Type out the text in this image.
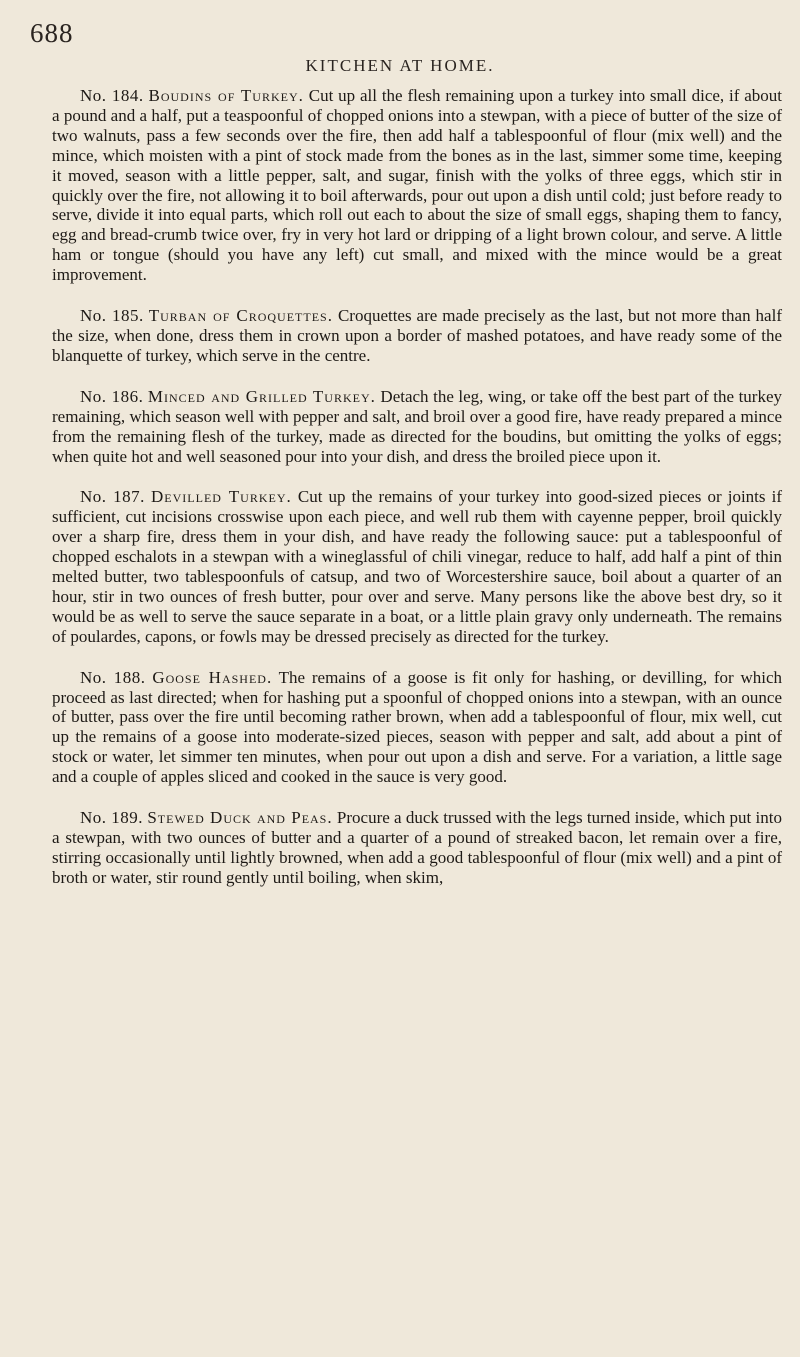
688
KITCHEN AT HOME.

No. 184. Boudins of Turkey. Cut up all the flesh remaining upon a turkey into small dice, if about a pound and a half, put a teaspoonful of chopped onions into a stewpan, with a piece of butter of the size of two walnuts, pass a few seconds over the fire, then add half a tablespoonful of flour (mix well) and the mince, which moisten with a pint of stock made from the bones as in the last, simmer some time, keeping it moved, season with a little pepper, salt, and sugar, finish with the yolks of three eggs, which stir in quickly over the fire, not allowing it to boil afterwards, pour out upon a dish until cold; just before ready to serve, divide it into equal parts, which roll out each to about the size of small eggs, shaping them to fancy, egg and bread-crumb twice over, fry in very hot lard or dripping of a light brown colour, and serve. A little ham or tongue (should you have any left) cut small, and mixed with the mince would be a great improvement.

No. 185. Turban of Croquettes. Croquettes are made precisely as the last, but not more than half the size, when done, dress them in crown upon a border of mashed potatoes, and have ready some of the blanquette of turkey, which serve in the centre.

No. 186. Minced and Grilled Turkey. Detach the leg, wing, or take off the best part of the turkey remaining, which season well with pepper and salt, and broil over a good fire, have ready prepared a mince from the remaining flesh of the turkey, made as directed for the boudins, but omitting the yolks of eggs; when quite hot and well seasoned pour into your dish, and dress the broiled piece upon it.

No. 187. Devilled Turkey. Cut up the remains of your turkey into good-sized pieces or joints if sufficient, cut incisions crosswise upon each piece, and well rub them with cayenne pepper, broil quickly over a sharp fire, dress them in your dish, and have ready the following sauce: put a tablespoonful of chopped eschalots in a stewpan with a wineglassful of chili vinegar, reduce to half, add half a pint of thin melted butter, two tablespoonfuls of catsup, and two of Worcestershire sauce, boil about a quarter of an hour, stir in two ounces of fresh butter, pour over and serve. Many persons like the above best dry, so it would be as well to serve the sauce separate in a boat, or a little plain gravy only underneath. The remains of poulardes, capons, or fowls may be dressed precisely as directed for the turkey.

No. 188. Goose Hashed. The remains of a goose is fit only for hashing, or devilling, for which proceed as last directed; when for hashing put a spoonful of chopped onions into a stewpan, with an ounce of butter, pass over the fire until becoming rather brown, when add a tablespoonful of flour, mix well, cut up the remains of a goose into moderate-sized pieces, season with pepper and salt, add about a pint of stock or water, let simmer ten minutes, when pour out upon a dish and serve. For a variation, a little sage and a couple of apples sliced and cooked in the sauce is very good.

No. 189. Stewed Duck and Peas. Procure a duck trussed with the legs turned inside, which put into a stewpan, with two ounces of butter and a quarter of a pound of streaked bacon, let remain over a fire, stirring occasionally until lightly browned, when add a good tablespoonful of flour (mix well) and a pint of broth or water, stir round gently until boiling, when skim,
